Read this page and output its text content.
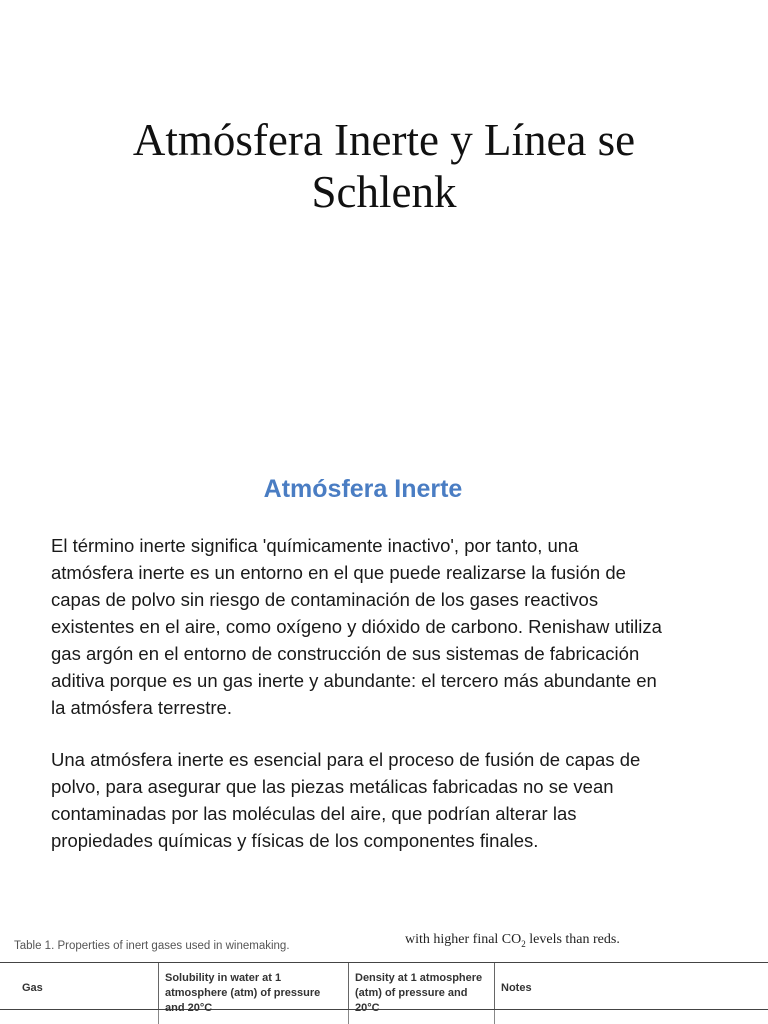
Atmósfera Inerte y Línea se
Schlenk
Atmósfera Inerte
El término inerte significa 'químicamente inactivo', por tanto, una
atmósfera inerte es un entorno en el que puede realizarse la fusión de
capas de polvo sin riesgo de contaminación de los gases reactivos
existentes en el aire, como oxígeno y dióxido de carbono. Renishaw utiliza
gas argón en el entorno de construcción de sus sistemas de fabricación
aditiva porque es un gas inerte y abundante: el tercero más abundante en
la atmósfera terrestre.
Una atmósfera inerte es esencial para el proceso de fusión de capas de
polvo, para asegurar que las piezas metálicas fabricadas no se vean
contaminadas por las moléculas del aire, que podrían alterar las
propiedades químicas y físicas de los componentes finales.
Table 1. Properties of inert gases used in winemaking.	with higher final $CO_2$ levels than reds.
Gas
Solubility in water at 1 atmosphere (atm) of pressure and 20°C
Density at 1 atmosphere (atm) of pressure and 20°C
Notes
